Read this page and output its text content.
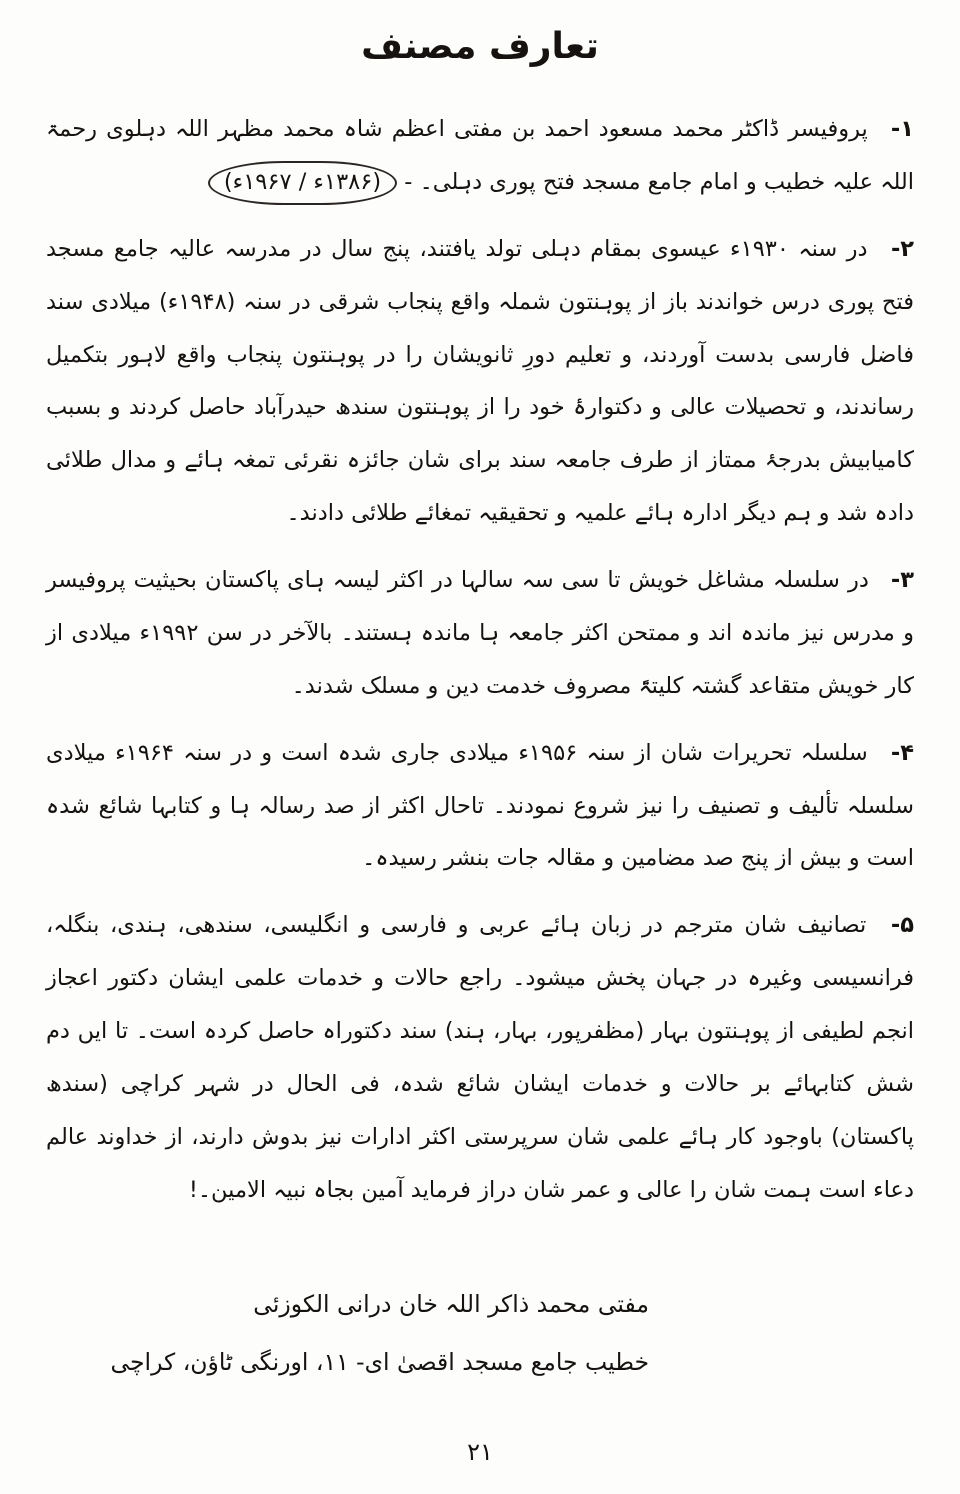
تعارف مصنف

۱- پروفیسر ڈاکٹر محمد مسعود احمد بن مفتی اعظم شاہ محمد مظہر اللہ دہلوی رحمۃ اللہ علیہ خطیب و امام جامع مسجد فتح پوری دہلی۔ - (۱۳۸۶ء / ۱۹۶۷ء)

۲- در سنہ ۱۹۳۰ء عیسوی بمقام دہلی تولد یافتند، پنج سال در مدرسہ عالیہ جامع مسجد فتح پوری درس خواندند باز از پوہنتون شملہ واقع پنجاب شرقی در سنہ (۱۹۴۸ء) میلادی سند فاضل فارسی بدست آوردند، و تعلیم دورِ ثانویشان را در پوہنتون پنجاب واقع لاہور بتکمیل رساندند، و تحصیلات عالی و دکتوارۂ خود را از پوہنتون سندھ حیدرآباد حاصل کردند و بسبب کامیابیش بدرجۂ ممتاز از طرف جامعہ سند برای شان جائزہ نقرئی تمغہ ہائے و مدال طلائی دادہ شد و ہم دیگر ادارہ ہائے علمیہ و تحقیقیہ تمغائے طلائی دادند۔

۳- در سلسلہ مشاغل خویش تا سی سہ سالہا در اکثر لیسہ ہای پاکستان بحیثیت پروفیسر و مدرس نیز ماندہ اند و ممتحن اکثر جامعہ ہا ماندہ ہستند۔ بالآخر در سن ۱۹۹۲ء میلادی از کار خویش متقاعد گشتہ کلیتۃً مصروف خدمت دین و مسلک شدند۔

۴- سلسلہ تحریرات شان از سنہ ۱۹۵۶ء میلادی جاری شدہ است و در سنہ ۱۹۶۴ء میلادی سلسلہ تألیف و تصنیف را نیز شروع نمودند۔ تاحال اکثر از صد رسالہ ہا و کتابہا شائع شدہ است و بیش از پنج صد مضامین و مقالہ جات بنشر رسیدہ۔

۵- تصانیف شان مترجم در زبان ہائے عربی و فارسی و انگلیسی، سندھی، ہندی، بنگلہ، فرانسیسی وغیرہ در جہان پخش میشود۔ راجع حالات و خدمات علمی ایشان دکتور اعجاز انجم لطیفی از پوہنتون بہار (مظفرپور، بہار، ہند) سند دکتوراہ حاصل کردہ است۔ تا ایں دم شش کتابہائے بر حالات و خدمات ایشان شائع شدہ، فی الحال در شہر کراچی (سندھ پاکستان) باوجود کار ہائے علمی شان سرپرستی اکثر ادارات نیز بدوش دارند، از خداوند عالم دعاء است ہمت شان را عالی و عمر شان دراز فرماید آمین بجاہ نبیہ الامین۔!

مفتی محمد ذاکر اللہ خان درانی الکوزئی
خطیب جامع مسجد اقصیٰ ای- ۱۱، اورنگی ٹاؤن، کراچی
۲۱
